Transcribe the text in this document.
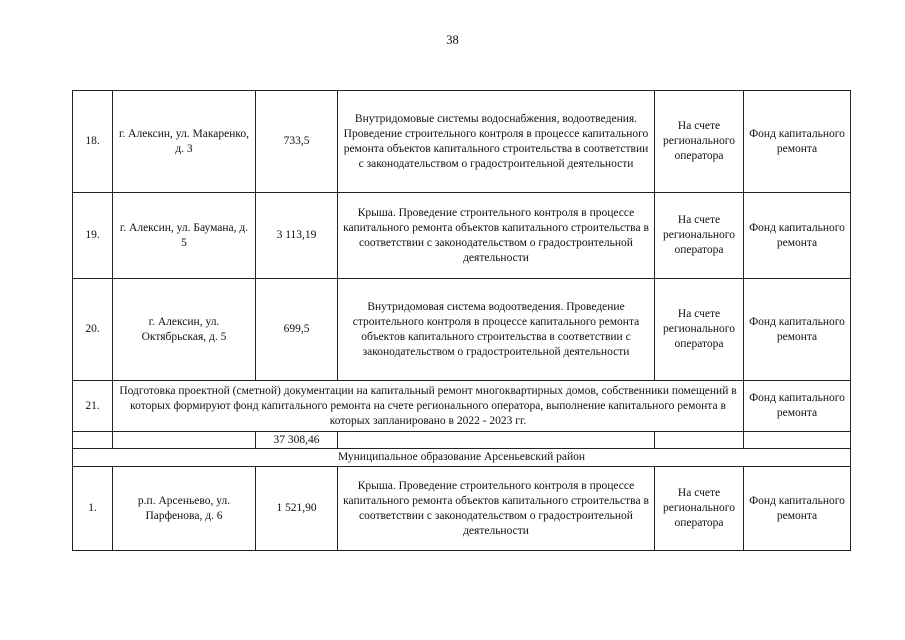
38
18.	г. Алексин, ул. Макаренко, д. 3	733,5	Внутридомовые системы водоснабжения, водоотведения. Проведение строительного контроля в процессе капитального ремонта объектов капитального строительства в соответствии с законодательством о градостроительной деятельности	На счете регионального оператора	Фонд капитального ремонта
19.	г. Алексин, ул. Баумана, д. 5	3 113,19	Крыша. Проведение строительного контроля в процессе капитального ремонта объектов капитального строительства в соответствии с законодательством о градостроительной деятельности	На счете регионального оператора	Фонд капитального ремонта
20.	г. Алексин, ул. Октябрьская, д. 5	699,5	Внутридомовая система водоотведения. Проведение строительного контроля в процессе капитального ремонта объектов капитального строительства в соответствии с законодательством о градостроительной деятельности	На счете регионального оператора	Фонд капитального ремонта
21.	Подготовка проектной (сметной) документации на капитальный ремонт многоквартирных домов, собственники помещений в которых формируют фонд капитального ремонта на счете регионального оператора, выполнение капитального ремонта в которых запланировано в 2022 - 2023 гг.				Фонд капитального ремонта
		37 308,46			
Муниципальное образование Арсеньевский район					
1.	р.п. Арсеньево, ул. Парфенова, д. 6	1 521,90	Крыша. Проведение строительного контроля в процессе капитального ремонта объектов капитального строительства в соответствии с законодательством о градостроительной деятельности	На счете регионального оператора	Фонд капитального ремонта
